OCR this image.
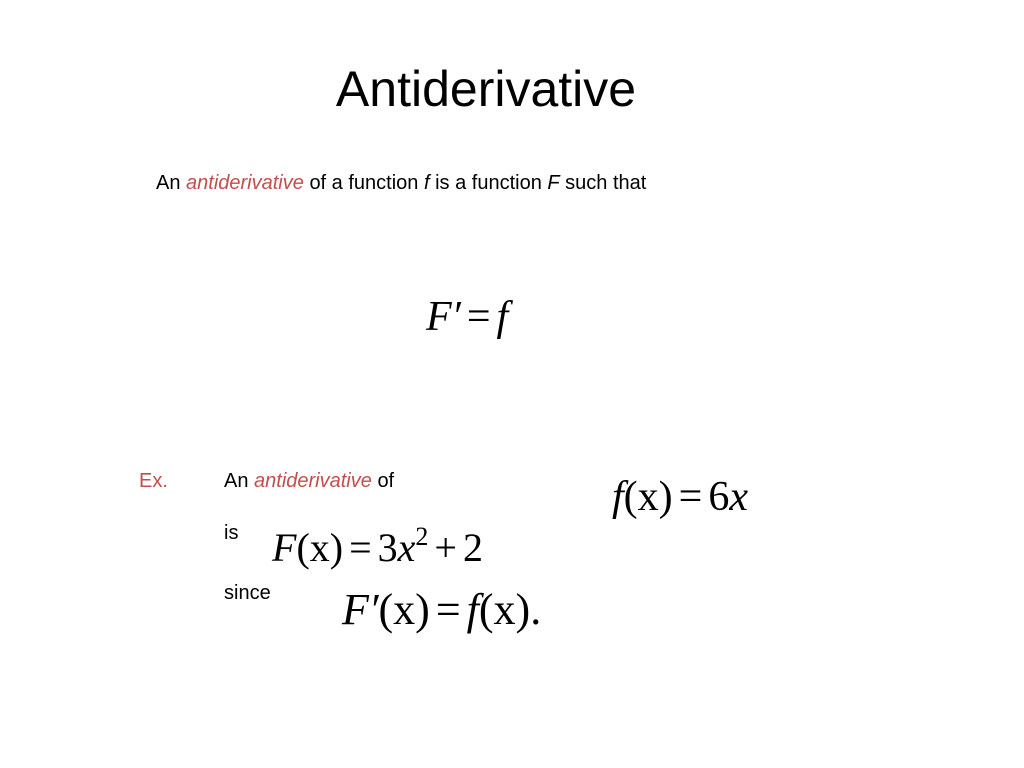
Antiderivative
An antiderivative of a function f is a function F such that
F′ = f
Ex.	An antiderivative of	f(x) = 6x
is $F(x) = 3x^2 + 2$
since F′(x) = f(x).
